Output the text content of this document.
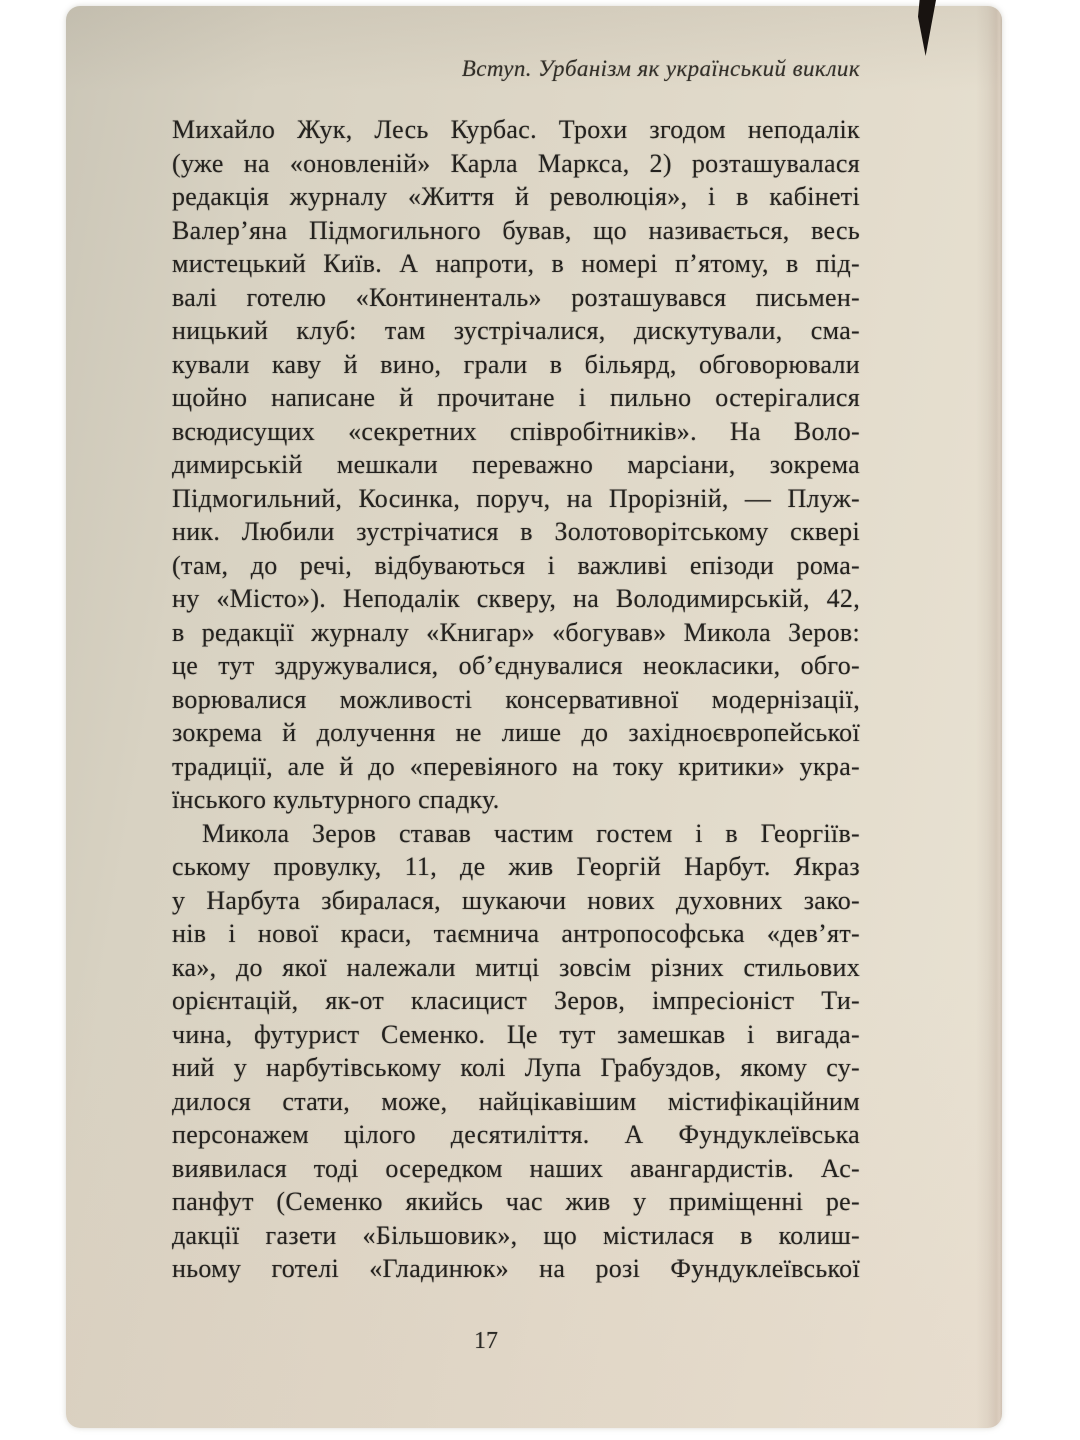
Вступ. Урбанізм як український виклик
Михайло Жук, Лесь Курбас. Трохи згодом неподалік
(уже на «оновленій» Карла Маркса, 2) розташувалася
редакція журналу «Життя й революція», і в кабінеті
Валер’яна Підмогильного бував, що називається, весь
мистецький Київ. А напроти, в номері п’ятому, в під-
валі готелю «Континенталь» розташувався письмен-
ницький клуб: там зустрічалися, дискутували, сма-
кували каву й вино, грали в більярд, обговорювали
щойно написане й прочитане і пильно остерігалися
всюдисущих «секретних співробітників». На Воло-
димирській мешкали переважно марсіани, зокрема
Підмогильний, Косинка, поруч, на Прорізній, — Плуж-
ник. Любили зустрічатися в Золотоворітському сквері
(там, до речі, відбуваються і важливі епізоди рома-
ну «Місто»). Неподалік скверу, на Володимирській, 42,
в редакції журналу «Книгар» «богував» Микола Зеров:
це тут здружувалися, об’єднувалися неокласики, обго-
ворювалися можливості консервативної модернізації,
зокрема й долучення не лише до західноєвропейської
традиції, але й до «перевіяного на току критики» укра-
їнського культурного спадку.
Микола Зеров ставав частим гостем і в Георгіїв-
ському провулку, 11, де жив Георгій Нарбут. Якраз
у Нарбута збиралася, шукаючи нових духовних зако-
нів і нової краси, таємнича антропософська «дев’ят-
ка», до якої належали митці зовсім різних стильових
орієнтацій, як-от класицист Зеров, імпресіоніст Ти-
чина, футурист Семенко. Це тут замешкав і вигада-
ний у нарбутівському колі Лупа Грабуздов, якому су-
дилося стати, може, найцікавішим містифікаційним
персонажем цілого десятиліття. А Фундуклеївська
виявилася тоді осередком наших авангардистів. Ас-
панфут (Семенко якийсь час жив у приміщенні ре-
дакції газети «Більшовик», що містилася в колиш-
ньому готелі «Гладинюк» на розі Фундуклеївської
17
